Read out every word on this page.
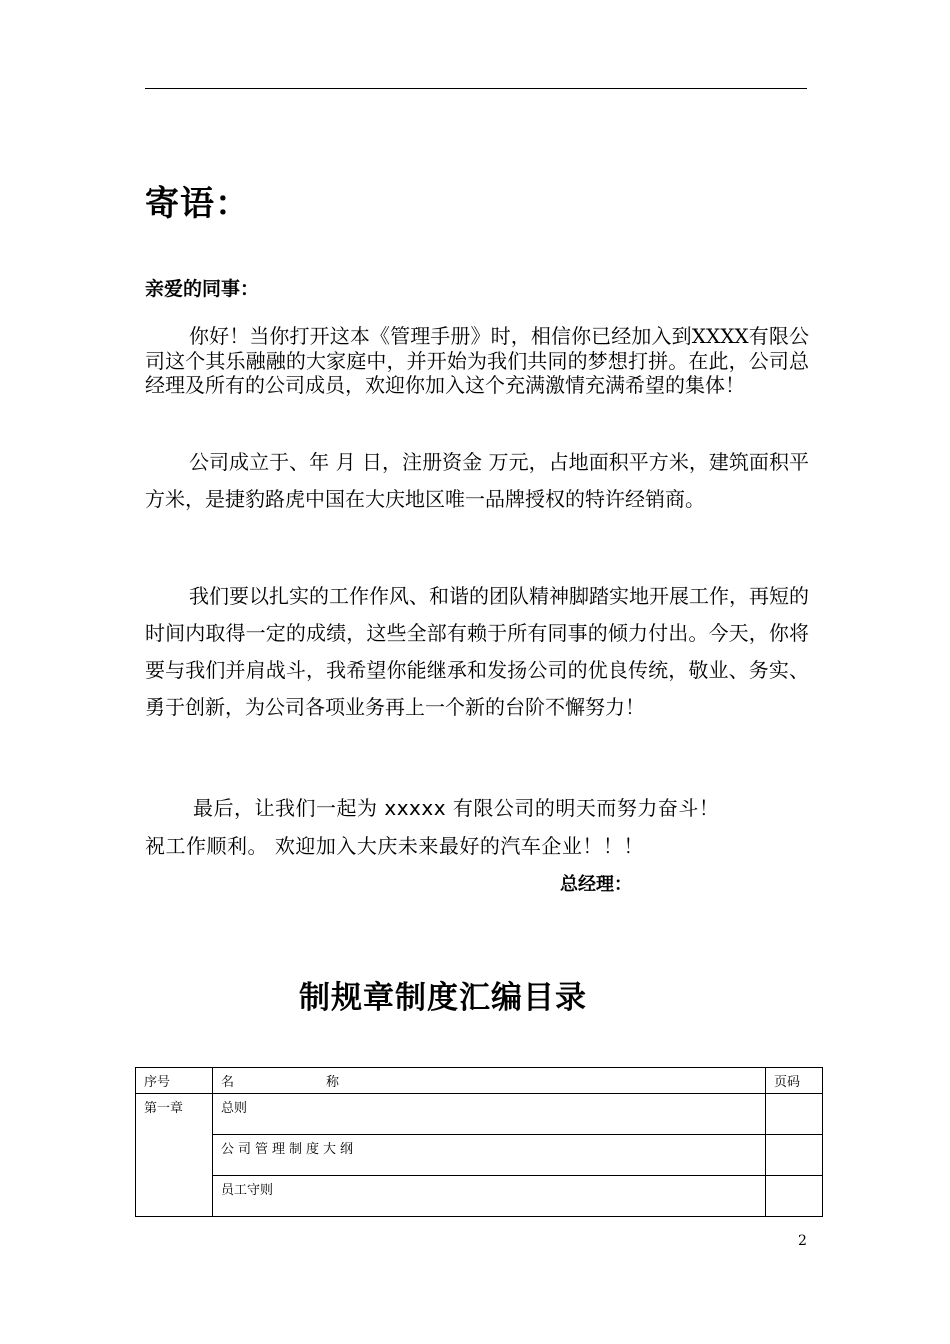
寄语：
亲爱的同事：
你好！当你打开这本《管理手册》时，相信你已经加入到XXXX有限公司这个其乐融融的大家庭中，并开始为我们共同的梦想打拼。在此，公司总经理及所有的公司成员，欢迎你加入这个充满激情充满希望的集体！
公司成立于、年 月 日，注册资金 万元，占地面积平方米，建筑面积平方米，是捷豹路虎中国在大庆地区唯一品牌授权的特许经销商。
我们要以扎实的工作作风、和谐的团队精神脚踏实地开展工作，再短的时间内取得一定的成绩，这些全部有赖于所有同事的倾力付出。今天，你将要与我们并肩战斗，我希望你能继承和发扬公司的优良传统，敬业、务实、勇于创新，为公司各项业务再上一个新的台阶不懈努力！
最后，让我们一起为 xxxxx 有限公司的明天而努力奋斗！
祝工作顺利。 欢迎加入大庆未来最好的汽车企业！！！
总经理：
制规章制度汇编目录
序号	名 称	页码
第一章	总则	
	公司管理制度大纲	
	员工守则	
2
